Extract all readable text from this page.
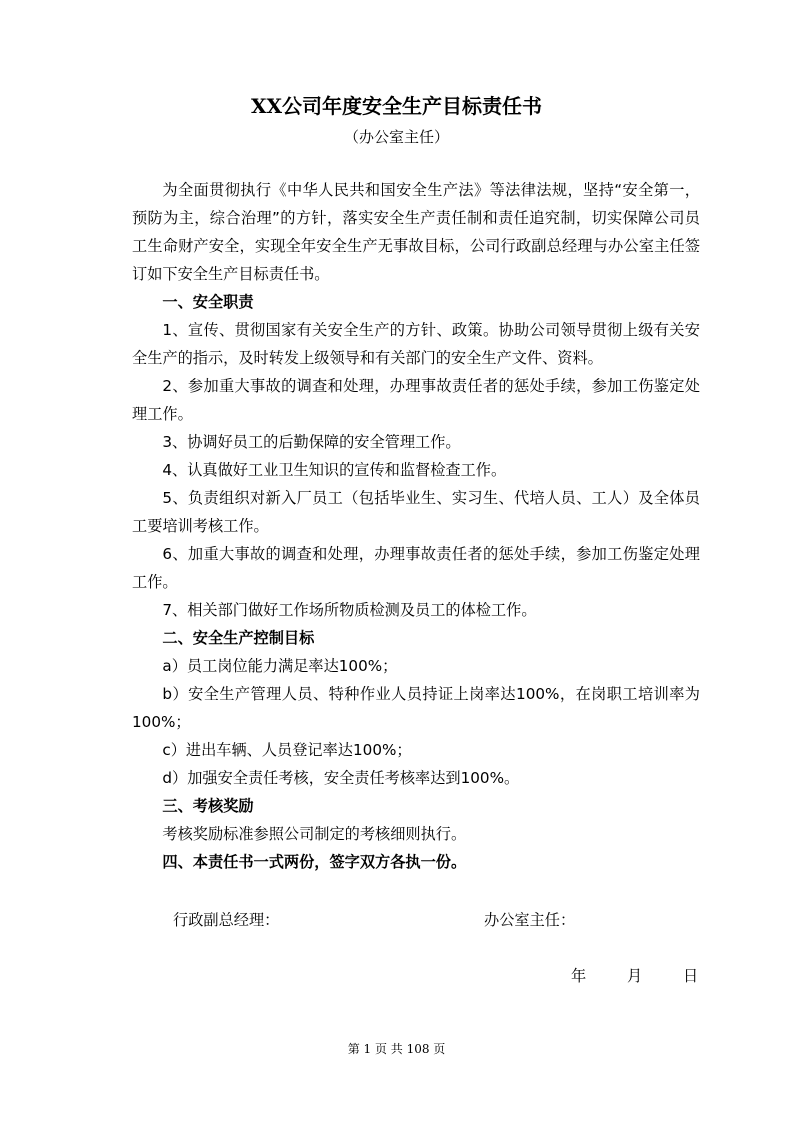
XX公司年度安全生产目标责任书
（办公室主任）

为全面贯彻执行《中华人民共和国安全生产法》等法律法规，坚持“安全第一，预防为主，综合治理”的方针，落实安全生产责任制和责任追究制，切实保障公司员工生命财产安全，实现全年安全生产无事故目标，公司行政副总经理与办公室主任签订如下安全生产目标责任书。

一、安全职责

1、宣传、贯彻国家有关安全生产的方针、政策。协助公司领导贯彻上级有关安全生产的指示，及时转发上级领导和有关部门的安全生产文件、资料。

2、参加重大事故的调查和处理，办理事故责任者的惩处手续，参加工伤鉴定处理工作。

3、协调好员工的后勤保障的安全管理工作。

4、认真做好工业卫生知识的宣传和监督检查工作。

5、负责组织对新入厂员工（包括毕业生、实习生、代培人员、工人）及全体员工要培训考核工作。

6、加重大事故的调查和处理，办理事故责任者的惩处手续，参加工伤鉴定处理工作。

7、相关部门做好工作场所物质检测及员工的体检工作。

二、安全生产控制目标

a）员工岗位能力满足率达100%；

b）安全生产管理人员、特种作业人员持证上岗率达100%，在岗职工培训率为100%；

c）进出车辆、人员登记率达100%；

d）加强安全责任考核，安全责任考核率达到100%。

三、考核奖励

考核奖励标准参照公司制定的考核细则执行。

四、本责任书一式两份，签字双方各执一份。

行政副总经理：	办公室主任：
年	月	日
第 1 页 共 108 页
